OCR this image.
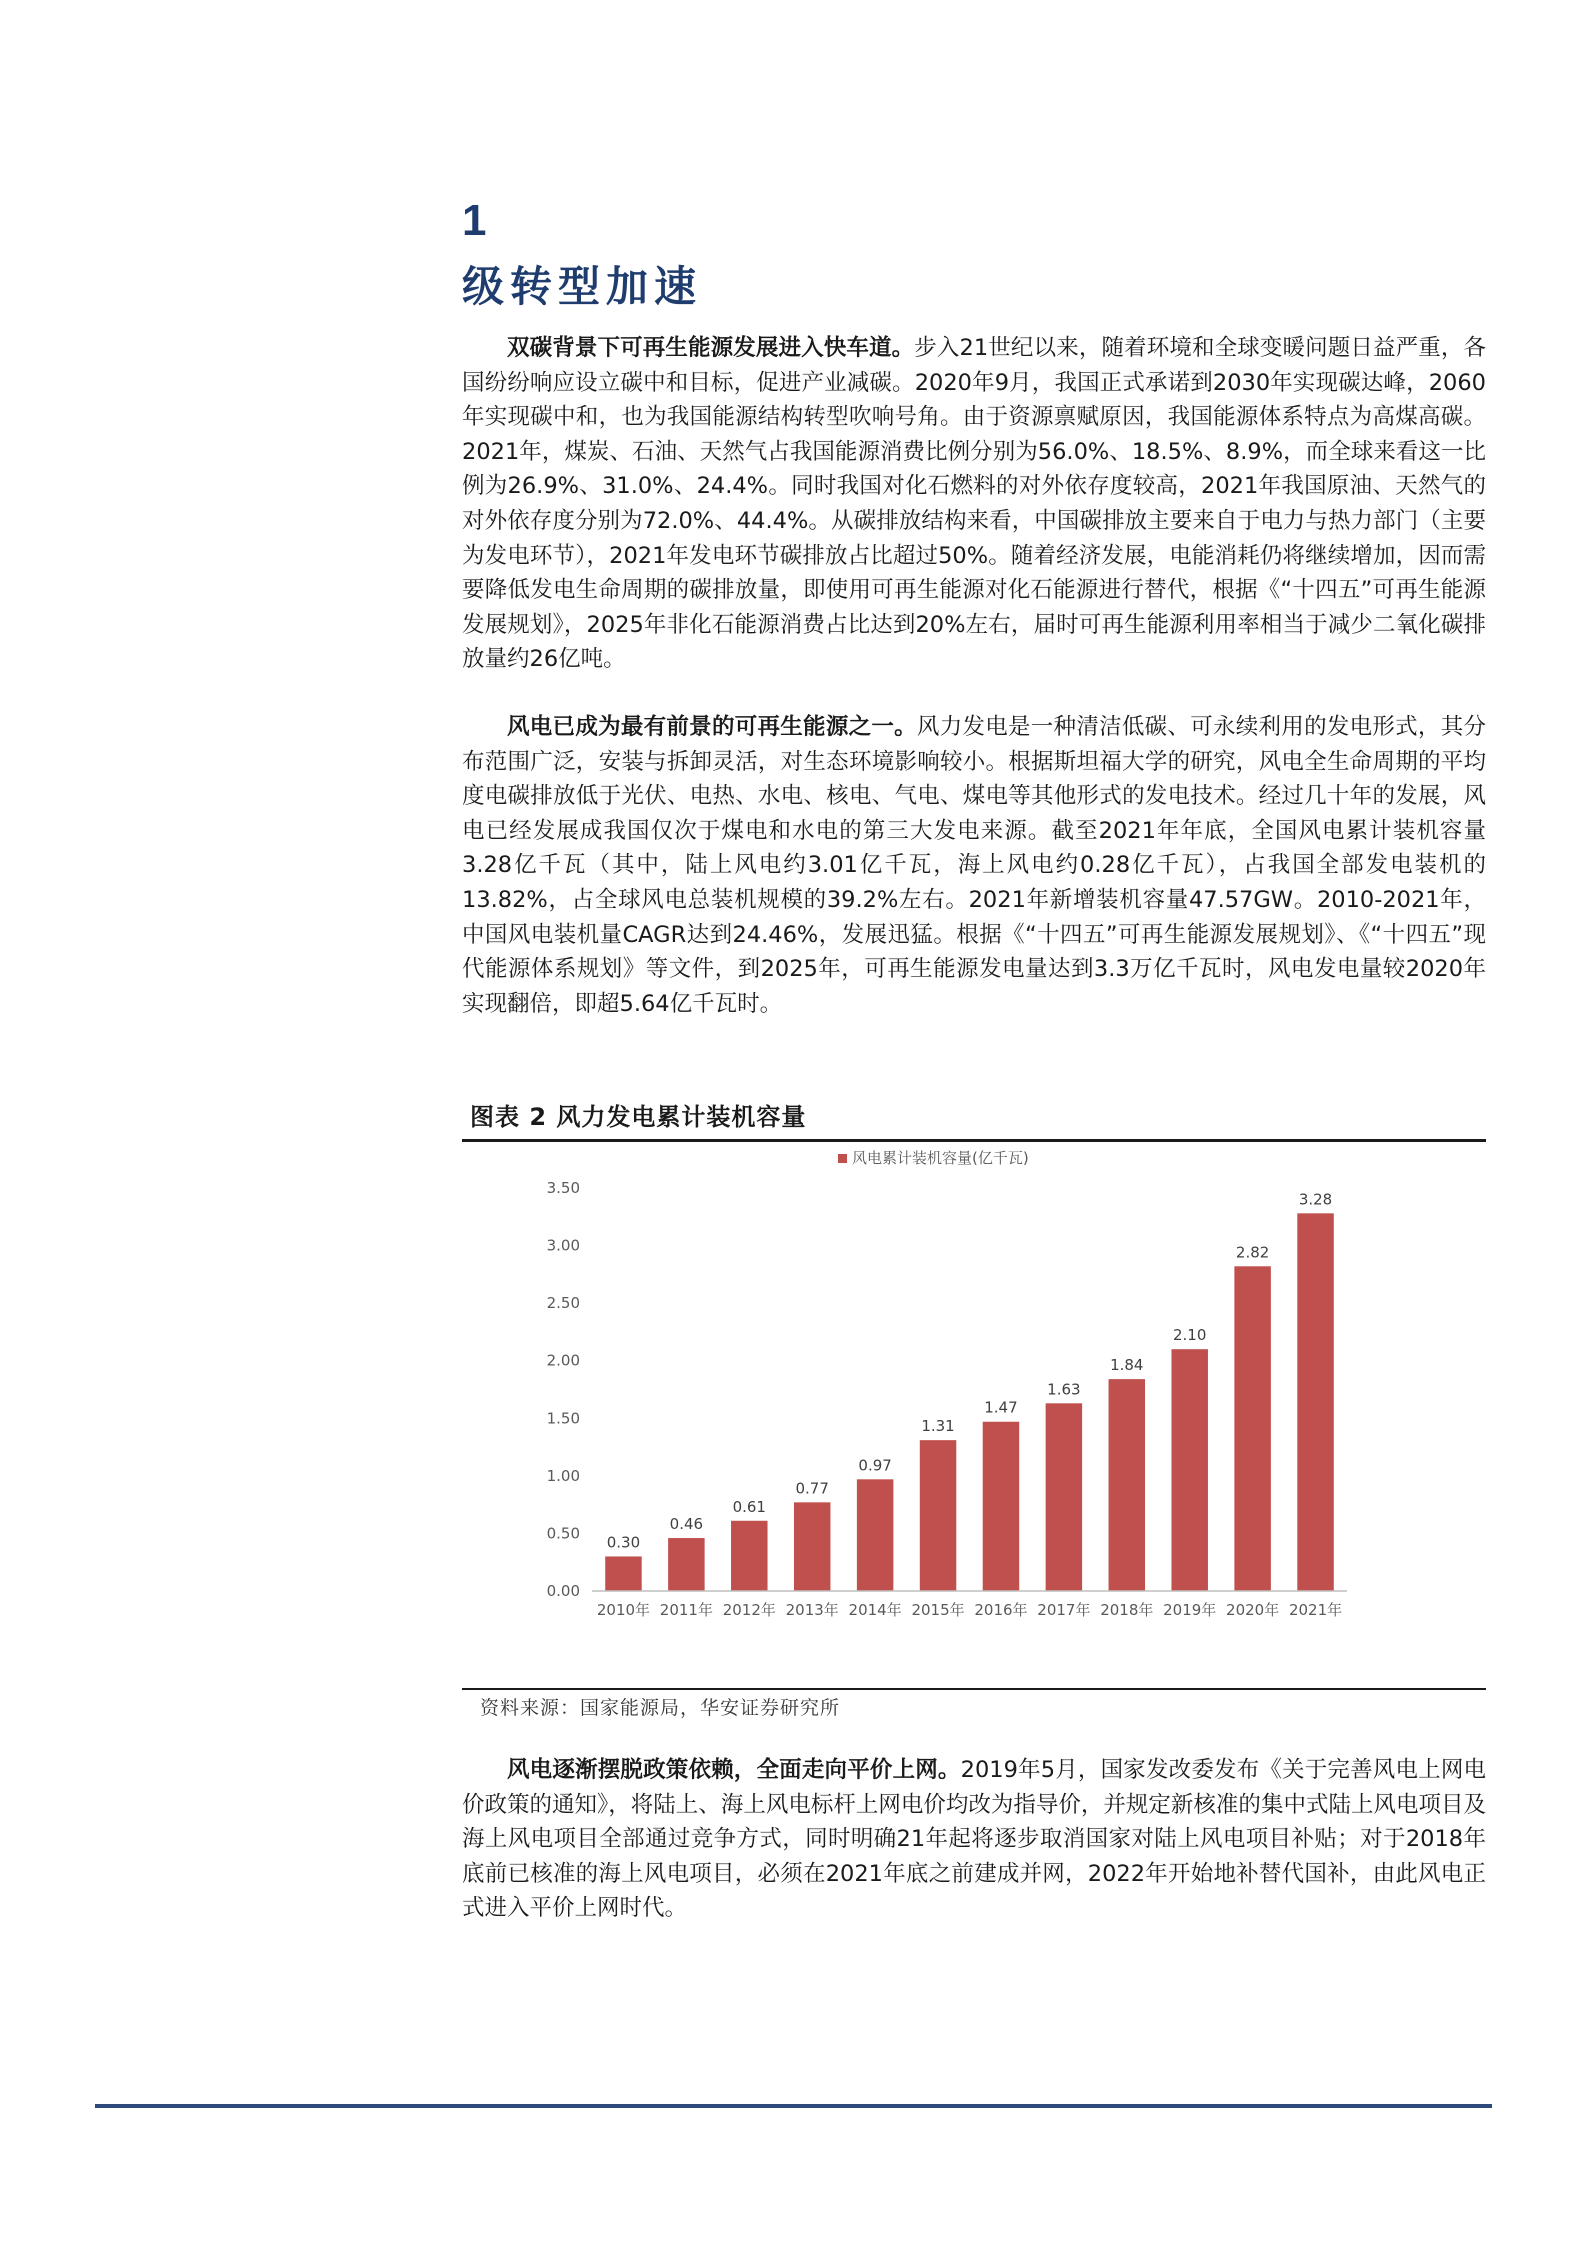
1
级转型加速

双碳背景下可再生能源发展进入快车道。步入21世纪以来，随着环境和全球变暖问题日益严重，各国纷纷响应设立碳中和目标，促进产业减碳。2020年9月，我国正式承诺到2030年实现碳达峰，2060年实现碳中和，也为我国能源结构转型吹响号角。由于资源禀赋原因，我国能源体系特点为高煤高碳。2021年，煤炭、石油、天然气占我国能源消费比例分别为56.0%、18.5%、8.9%，而全球来看这一比例为26.9%、31.0%、24.4%。同时我国对化石燃料的对外依存度较高，2021年我国原油、天然气的对外依存度分别为72.0%、44.4%。从碳排放结构来看，中国碳排放主要来自于电力与热力部门（主要为发电环节），2021年发电环节碳排放占比超过50%。随着经济发展，电能消耗仍将继续增加，因而需要降低发电生命周期的碳排放量，即使用可再生能源对化石能源进行替代，根据《“十四五”可再生能源发展规划》，2025年非化石能源消费占比达到20%左右，届时可再生能源利用率相当于减少二氧化碳排放量约26亿吨。

风电已成为最有前景的可再生能源之一。风力发电是一种清洁低碳、可永续利用的发电形式，其分布范围广泛，安装与拆卸灵活，对生态环境影响较小。根据斯坦福大学的研究，风电全生命周期的平均度电碳排放低于光伏、电热、水电、核电、气电、煤电等其他形式的发电技术。经过几十年的发展，风电已经发展成我国仅次于煤电和水电的第三大发电来源。截至2021年年底，全国风电累计装机容量3.28亿千瓦（其中，陆上风电约3.01亿千瓦，海上风电约0.28亿千瓦），占我国全部发电装机的13.82%，占全球风电总装机规模的39.2%左右。2021年新增装机容量47.57GW。2010-2021年，中国风电装机量CAGR达到24.46%，发展迅猛。根据《“十四五”可再生能源发展规划》、《“十四五”现代能源体系规划》等文件，到2025年，可再生能源发电量达到3.3万亿千瓦时，风电发电量较2020年实现翻倍，即超5.64亿千瓦时。

图表 2 风力发电累计装机容量
风电累计装机容量(亿千瓦)
0.00
0.50
1.00
1.50
2.00
2.50
3.00
3.50
0.30
0.46
0.61
0.77
0.97
1.31
1.47
1.63
1.84
2.10
2.82
3.28
2010年 2011年 2012年 2013年 2014年 2015年 2016年 2017年 2018年 2019年 2020年 2021年
资料来源：国家能源局，华安证券研究所

风电逐渐摆脱政策依赖，全面走向平价上网。2019年5月，国家发改委发布《关于完善风电上网电价政策的通知》，将陆上、海上风电标杆上网电价均改为指导价，并规定新核准的集中式陆上风电项目及海上风电项目全部通过竞争方式，同时明确21年起将逐步取消国家对陆上风电项目补贴；对于2018年底前已核准的海上风电项目，必须在2021年底之前建成并网，2022年开始地补替代国补，由此风电正式进入平价上网时代。
